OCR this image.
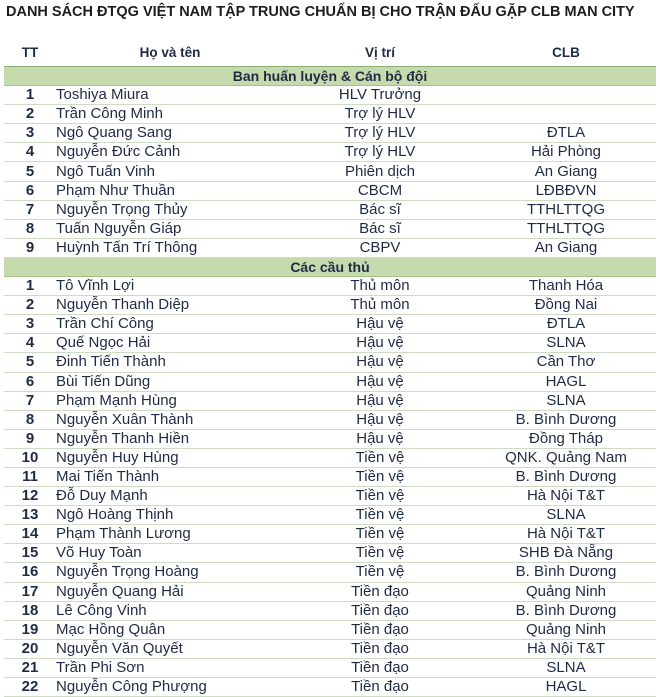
DANH SÁCH ĐTQG VIỆT NAM TẬP TRUNG CHUẨN BỊ CHO TRẬN ĐẤU GẶP CLB MAN CITY
TT	Họ và tên	Vị trí	CLB
Ban huấn luyện & Cán bộ đội			
1	Toshiya Miura	HLV Trưởng	
2	Trần Công Minh	Trợ lý HLV	
3	Ngô Quang Sang	Trợ lý HLV	ĐTLA
4	Nguyễn Đức Cảnh	Trợ lý HLV	Hải Phòng
5	Ngô Tuấn Vinh	Phiên dịch	An Giang
6	Phạm Như Thuần	CBCM	LĐBĐVN
7	Nguyễn Trọng Thủy	Bác sĩ	TTHLTTQG
8	Tuấn Nguyễn Giáp	Bác sĩ	TTHLTTQG
9	Huỳnh Tấn Trí Thông	CBPV	An Giang
Các cầu thủ			
1	Tô Vĩnh Lợi	Thủ môn	Thanh Hóa
2	Nguyễn Thanh Diệp	Thủ môn	Đồng Nai
3	Trần Chí Công	Hậu vệ	ĐTLA
4	Quế Ngọc Hải	Hậu vệ	SLNA
5	Đinh Tiến Thành	Hậu vệ	Cần Thơ
6	Bùi Tiến Dũng	Hậu vệ	HAGL
7	Phạm Mạnh Hùng	Hậu vệ	SLNA
8	Nguyễn Xuân Thành	Hậu vệ	B. Bình Dương
9	Nguyễn Thanh Hiền	Hậu vệ	Đồng Tháp
10	Nguyễn Huy Hùng	Tiền vệ	QNK. Quảng Nam
11	Mai Tiến Thành	Tiền vệ	B. Bình Dương
12	Đỗ Duy Mạnh	Tiền vệ	Hà Nội T&T
13	Ngô Hoàng Thịnh	Tiền vệ	SLNA
14	Phạm Thành Lương	Tiền vệ	Hà Nội T&T
15	Võ Huy Toàn	Tiền vệ	SHB Đà Nẵng
16	Nguyễn Trọng Hoàng	Tiền vệ	B. Bình Dương
17	Nguyễn Quang Hải	Tiền đạo	Quảng Ninh
18	Lê Công Vinh	Tiền đạo	B. Bình Dương
19	Mạc Hồng Quân	Tiền đạo	Quảng Ninh
20	Nguyễn Văn Quyết	Tiền đạo	Hà Nội T&T
21	Trần Phi Sơn	Tiền đạo	SLNA
22	Nguyễn Công Phượng	Tiền đạo	HAGL
